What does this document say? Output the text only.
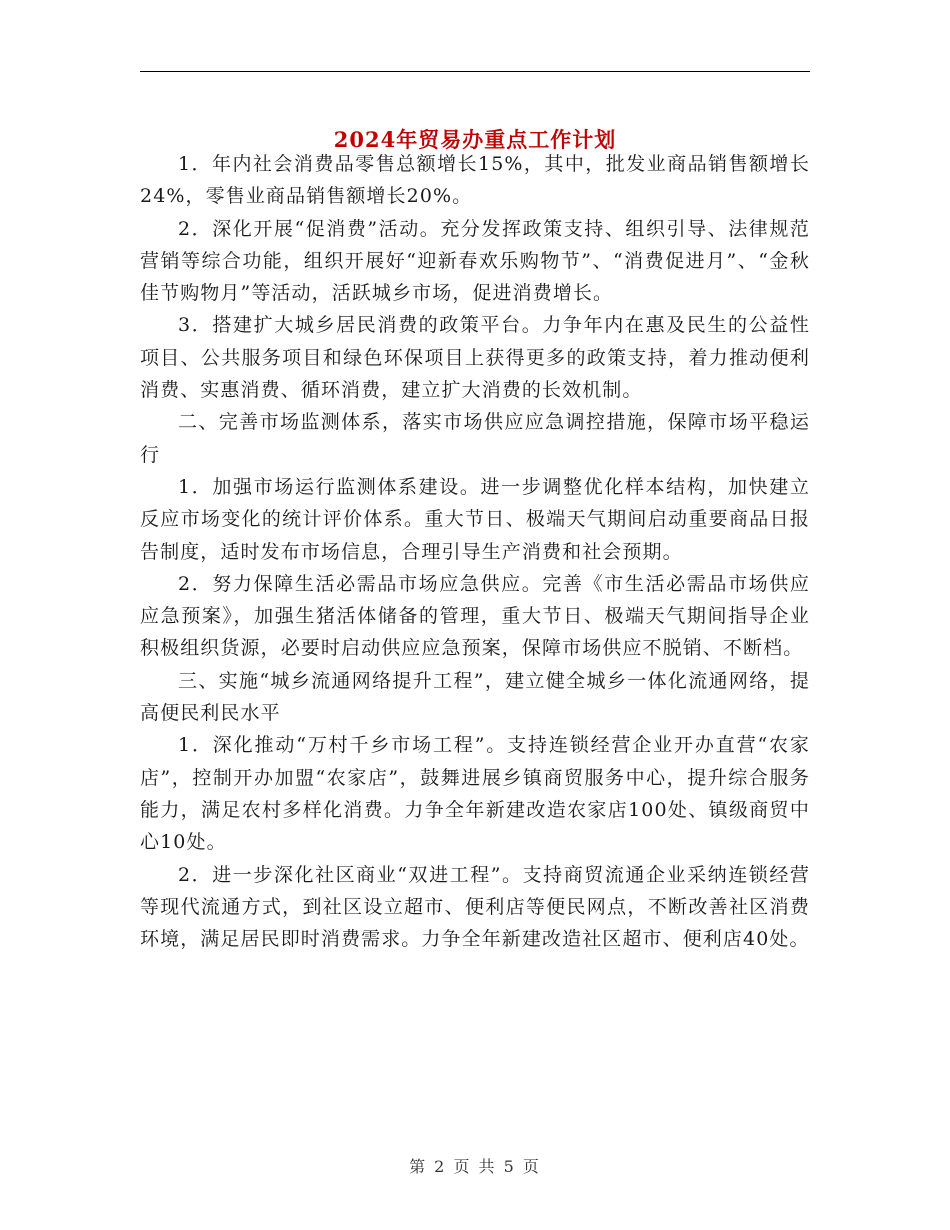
2024年贸易办重点工作计划

1．年内社会消费品零售总额增长15%，其中，批发业商品销售额增长24%，零售业商品销售额增长20%。

2．深化开展“促消费”活动。充分发挥政策支持、组织引导、法律规范营销等综合功能，组织开展好“迎新春欢乐购物节”、“消费促进月”、“金秋佳节购物月”等活动，活跃城乡市场，促进消费增长。

3．搭建扩大城乡居民消费的政策平台。力争年内在惠及民生的公益性项目、公共服务项目和绿色环保项目上获得更多的政策支持，着力推动便利消费、实惠消费、循环消费，建立扩大消费的长效机制。

二、完善市场监测体系，落实市场供应应急调控措施，保障市场平稳运行

1．加强市场运行监测体系建设。进一步调整优化样本结构，加快建立反应市场变化的统计评价体系。重大节日、极端天气期间启动重要商品日报告制度，适时发布市场信息，合理引导生产消费和社会预期。

2．努力保障生活必需品市场应急供应。完善《市生活必需品市场供应应急预案》，加强生猪活体储备的管理，重大节日、极端天气期间指导企业积极组织货源，必要时启动供应应急预案，保障市场供应不脱销、不断档。

三、实施“城乡流通网络提升工程”，建立健全城乡一体化流通网络，提高便民利民水平

1．深化推动“万村千乡市场工程”。支持连锁经营企业开办直营“农家店”，控制开办加盟“农家店”，鼓舞进展乡镇商贸服务中心，提升综合服务能力，满足农村多样化消费。力争全年新建改造农家店100处、镇级商贸中心10处。

2．进一步深化社区商业“双进工程”。支持商贸流通企业采纳连锁经营等现代流通方式，到社区设立超市、便利店等便民网点，不断改善社区消费环境，满足居民即时消费需求。力争全年新建改造社区超市、便利店40处。

第 2 页 共 5 页
